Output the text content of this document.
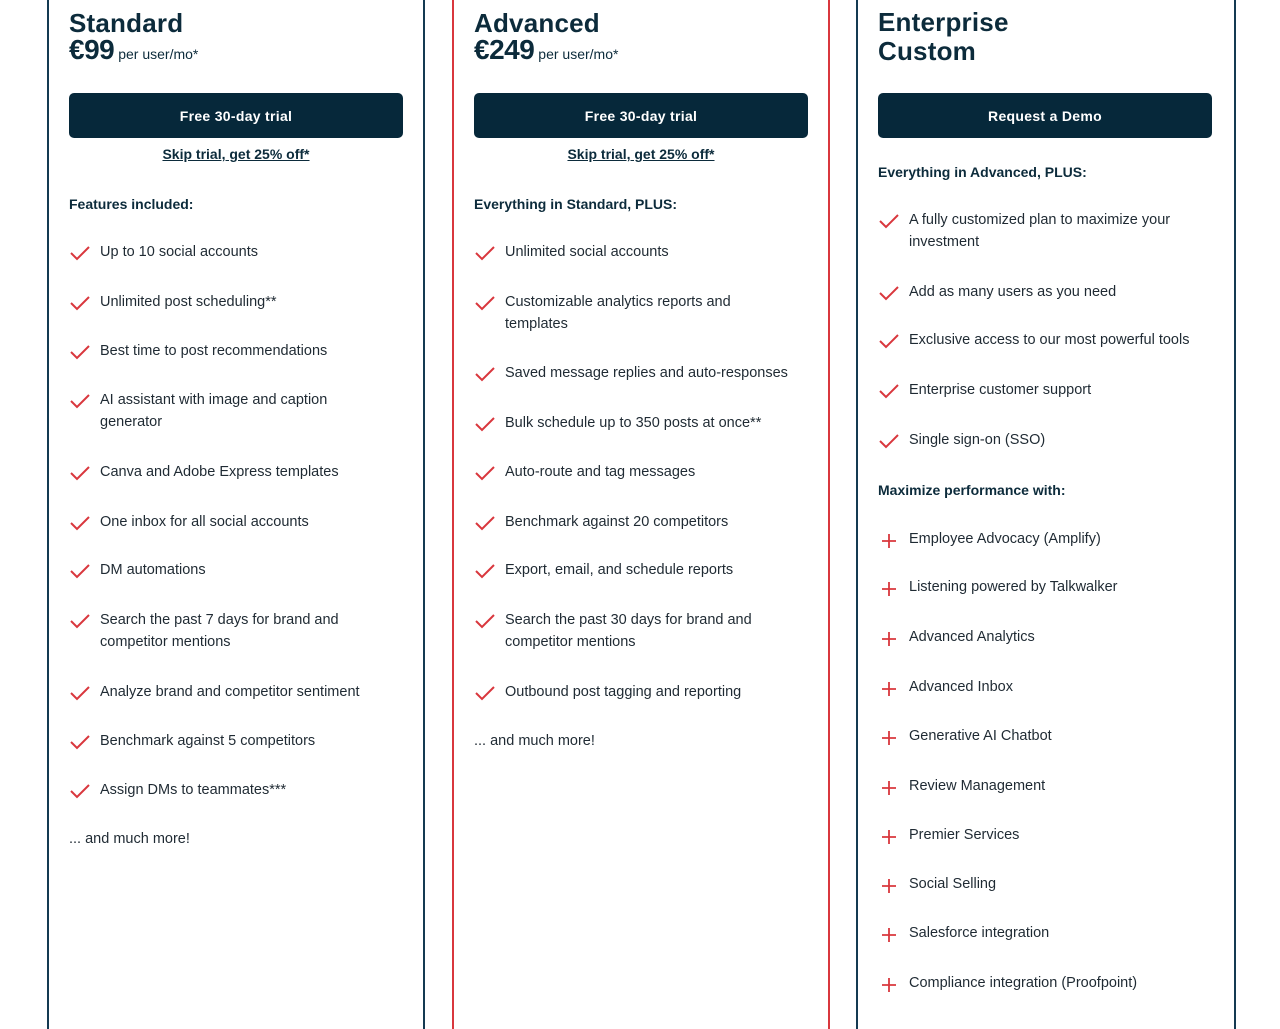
Standard
€99 per user/mo*
Free 30-day trial
Skip trial, get 25% off*
Features included:
Up to 10 social accounts
Unlimited post scheduling**
Best time to post recommendations
AI assistant with image and caption generator
Canva and Adobe Express templates
One inbox for all social accounts
DM automations
Search the past 7 days for brand and competitor mentions
Analyze brand and competitor sentiment
Benchmark against 5 competitors
Assign DMs to teammates***
... and much more!
Advanced
€249 per user/mo*
Free 30-day trial
Skip trial, get 25% off*
Everything in Standard, PLUS:
Unlimited social accounts
Customizable analytics reports and templates
Saved message replies and auto-responses
Bulk schedule up to 350 posts at once**
Auto-route and tag messages
Benchmark against 20 competitors
Export, email, and schedule reports
Search the past 30 days for brand and competitor mentions
Outbound post tagging and reporting
... and much more!
Enterprise
Custom
Request a Demo
Everything in Advanced, PLUS:
A fully customized plan to maximize your investment
Add as many users as you need
Exclusive access to our most powerful tools
Enterprise customer support
Single sign-on (SSO)
Maximize performance with:
Employee Advocacy (Amplify)
Listening powered by Talkwalker
Advanced Analytics
Advanced Inbox
Generative AI Chatbot
Review Management
Premier Services
Social Selling
Salesforce integration
Compliance integration (Proofpoint)
